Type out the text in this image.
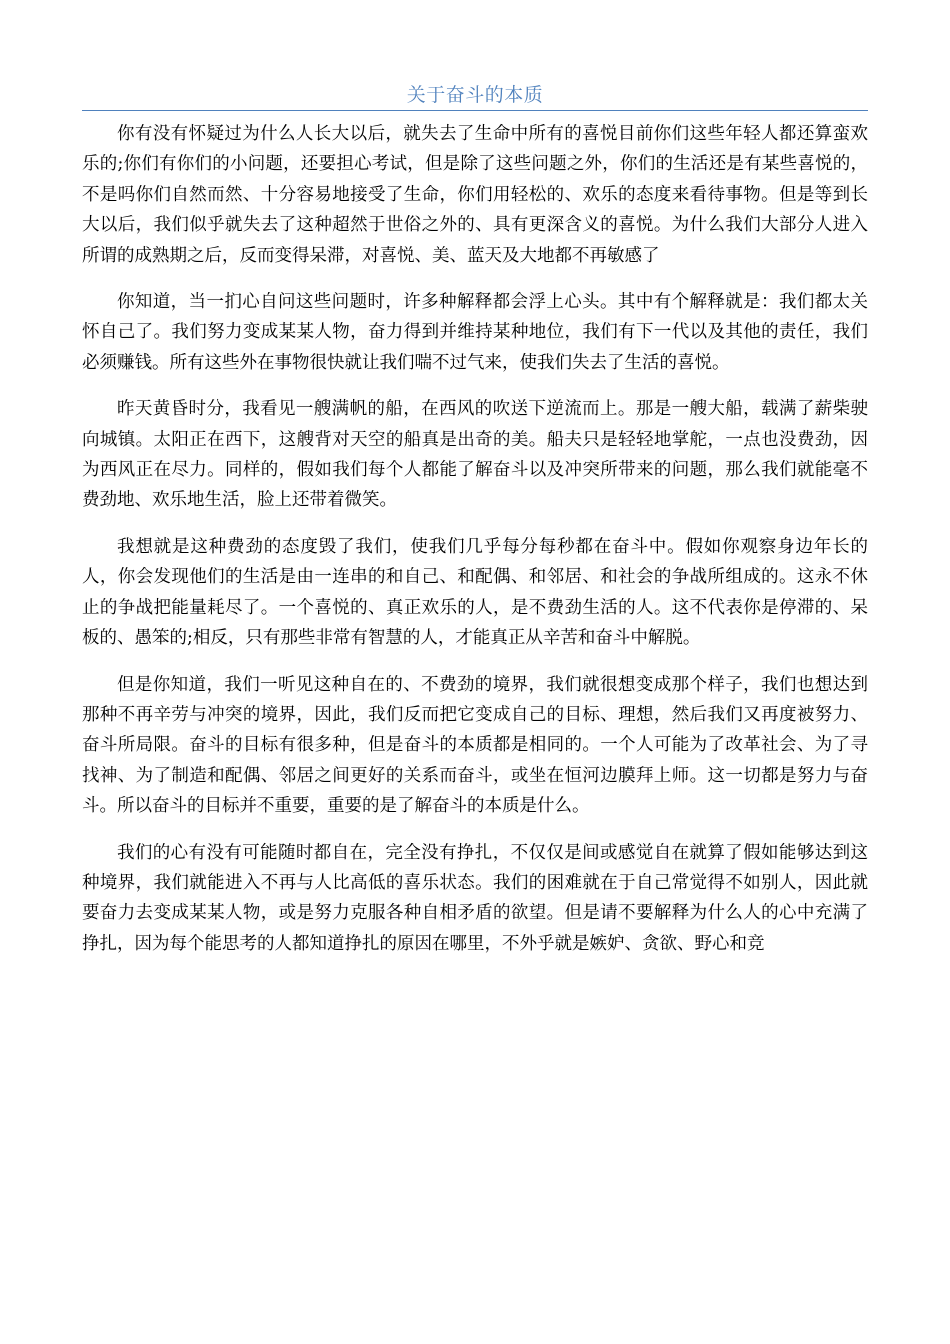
关于奋斗的本质

你有没有怀疑过为什么人长大以后，就失去了生命中所有的喜悦目前你们这些年轻人都还算蛮欢乐的;你们有你们的小问题，还要担心考试，但是除了这些问题之外，你们的生活还是有某些喜悦的，不是吗你们自然而然、十分容易地接受了生命，你们用轻松的、欢乐的态度来看待事物。但是等到长大以后，我们似乎就失去了这种超然于世俗之外的、具有更深含义的喜悦。为什么我们大部分人进入所谓的成熟期之后，反而变得呆滞，对喜悦、美、蓝天及大地都不再敏感了

你知道，当一扪心自问这些问题时，许多种解释都会浮上心头。其中有个解释就是：我们都太关怀自己了。我们努力变成某某人物，奋力得到并维持某种地位，我们有下一代以及其他的责任，我们必须赚钱。所有这些外在事物很快就让我们喘不过气来，使我们失去了生活的喜悦。

昨天黄昏时分，我看见一艘满帆的船，在西风的吹送下逆流而上。那是一艘大船，载满了薪柴驶向城镇。太阳正在西下，这艘背对天空的船真是出奇的美。船夫只是轻轻地掌舵，一点也没费劲，因为西风正在尽力。同样的，假如我们每个人都能了解奋斗以及冲突所带来的问题，那么我们就能毫不费劲地、欢乐地生活，脸上还带着微笑。

我想就是这种费劲的态度毁了我们，使我们几乎每分每秒都在奋斗中。假如你观察身边年长的人，你会发现他们的生活是由一连串的和自己、和配偶、和邻居、和社会的争战所组成的。这永不休止的争战把能量耗尽了。一个喜悦的、真正欢乐的人，是不费劲生活的人。这不代表你是停滞的、呆板的、愚笨的;相反，只有那些非常有智慧的人，才能真正从辛苦和奋斗中解脱。

但是你知道，我们一听见这种自在的、不费劲的境界，我们就很想变成那个样子，我们也想达到那种不再辛劳与冲突的境界，因此，我们反而把它变成自己的目标、理想，然后我们又再度被努力、奋斗所局限。奋斗的目标有很多种，但是奋斗的本质都是相同的。一个人可能为了改革社会、为了寻找神、为了制造和配偶、邻居之间更好的关系而奋斗，或坐在恒河边膜拜上师。这一切都是努力与奋斗。所以奋斗的目标并不重要，重要的是了解奋斗的本质是什么。

我们的心有没有可能随时都自在，完全没有挣扎，不仅仅是间或感觉自在就算了假如能够达到这种境界，我们就能进入不再与人比高低的喜乐状态。我们的困难就在于自己常觉得不如别人，因此就要奋力去变成某某人物，或是努力克服各种自相矛盾的欲望。但是请不要解释为什么人的心中充满了挣扎，因为每个能思考的人都知道挣扎的原因在哪里，不外乎就是嫉妒、贪欲、野心和竞
